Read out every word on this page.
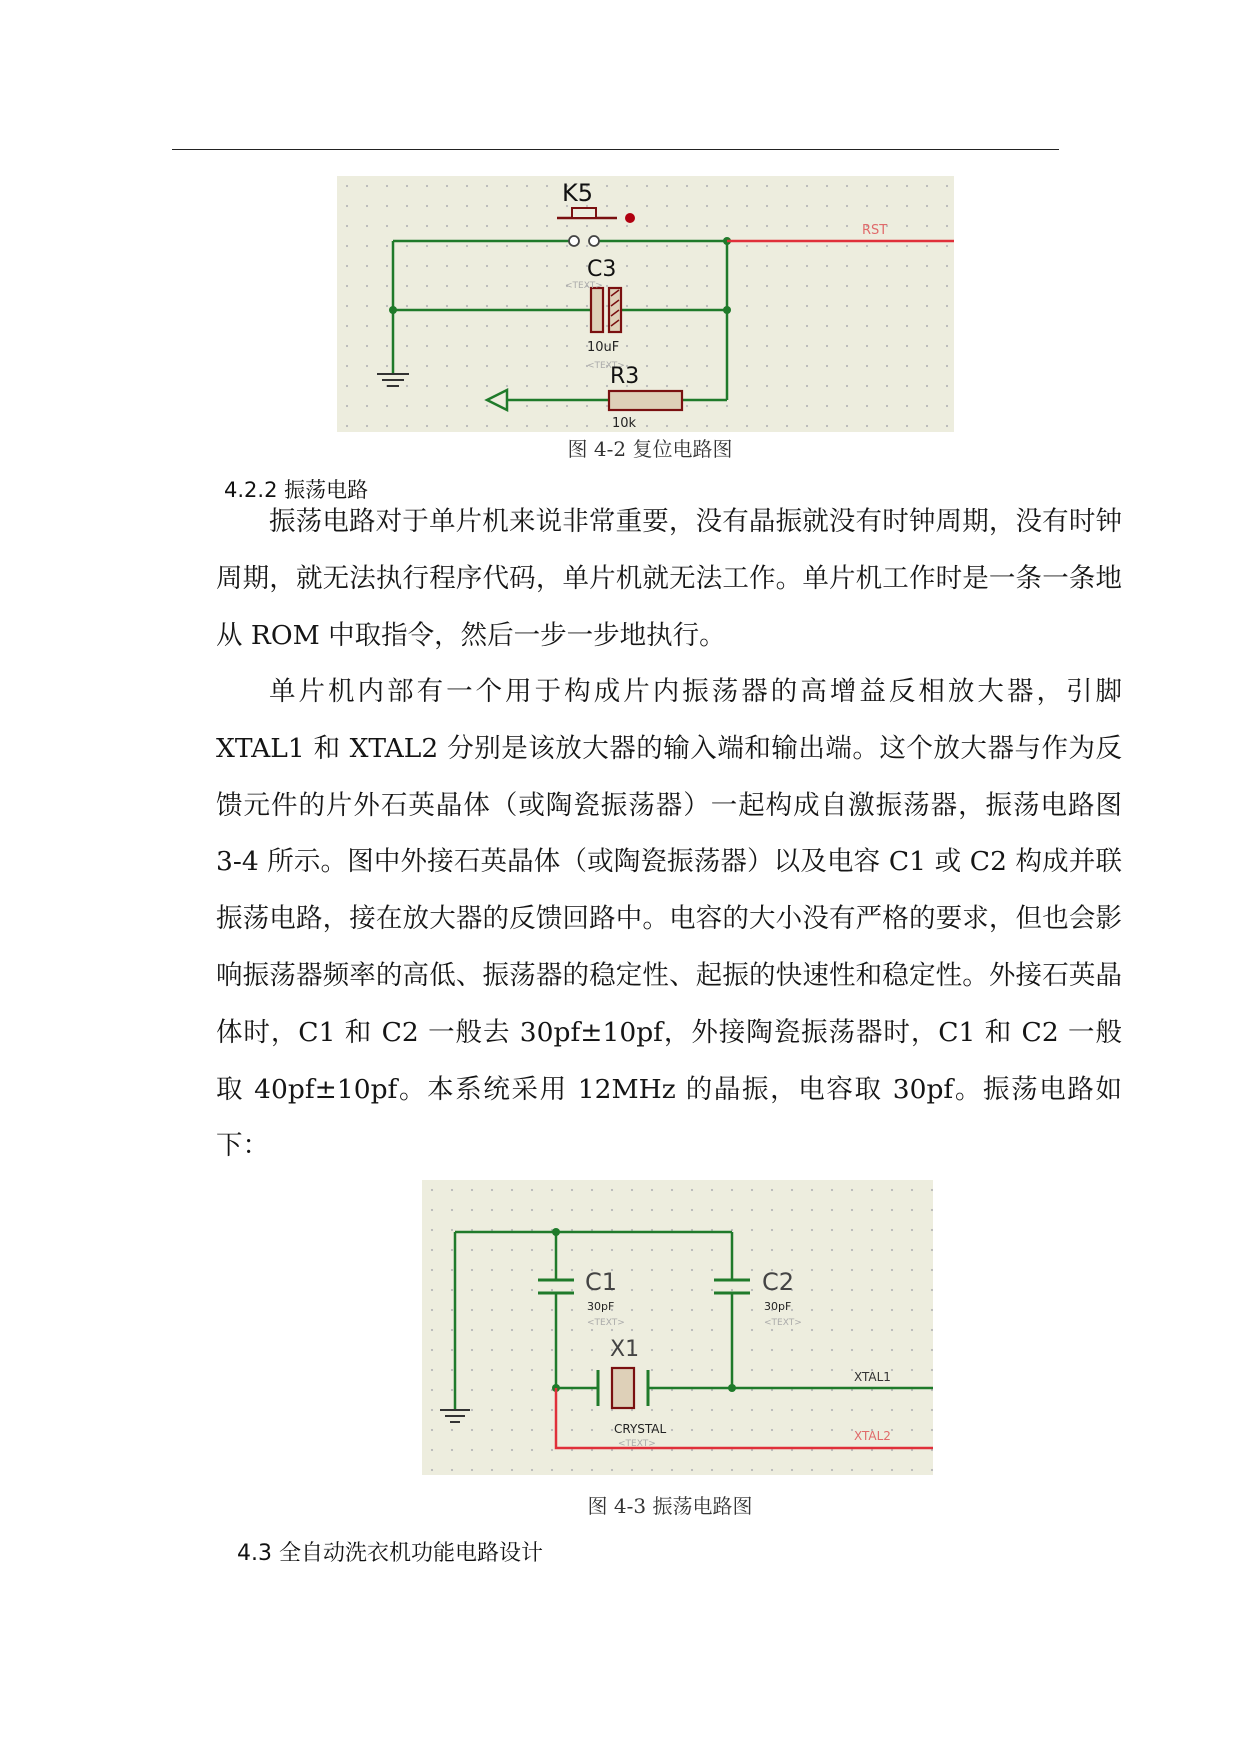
RST
K5
C3
<TEXT>
10uF
<TEXT>
R3
10k
图 4-2 复位电路图
4.2.2 振荡电路

振荡电路对于单片机来说非常重要，没有晶振就没有时钟周期，没有时钟周期，就无法执行程序代码，单片机就无法工作。单片机工作时是一条一条地从 ROM 中取指令，然后一步一步地执行。

单片机内部有一个用于构成片内振荡器的高增益反相放大器，引脚 XTAL1 和 XTAL2 分别是该放大器的输入端和输出端。这个放大器与作为反馈元件的片外石英晶体（或陶瓷振荡器）一起构成自激振荡器，振荡电路图 3-4 所示。图中外接石英晶体（或陶瓷振荡器）以及电容 C1 或 C2 构成并联振荡电路，接在放大器的反馈回路中。电容的大小没有严格的要求，但也会影响振荡器频率的高低、振荡器的稳定性、起振的快速性和稳定性。外接石英晶体时，C1 和 C2 一般去 30pf±10pf，外接陶瓷振荡器时，C1 和 C2 一般取 40pf±10pf。本系统采用 12MHz 的晶振，电容取 30pf。振荡电路如下：

C1
30pF
<TEXT>
C2
30pF
<TEXT>
X1
CRYSTAL
<TEXT>
XTAL1
XTAL2
图 4-3 振荡电路图
4.3 全自动洗衣机功能电路设计
